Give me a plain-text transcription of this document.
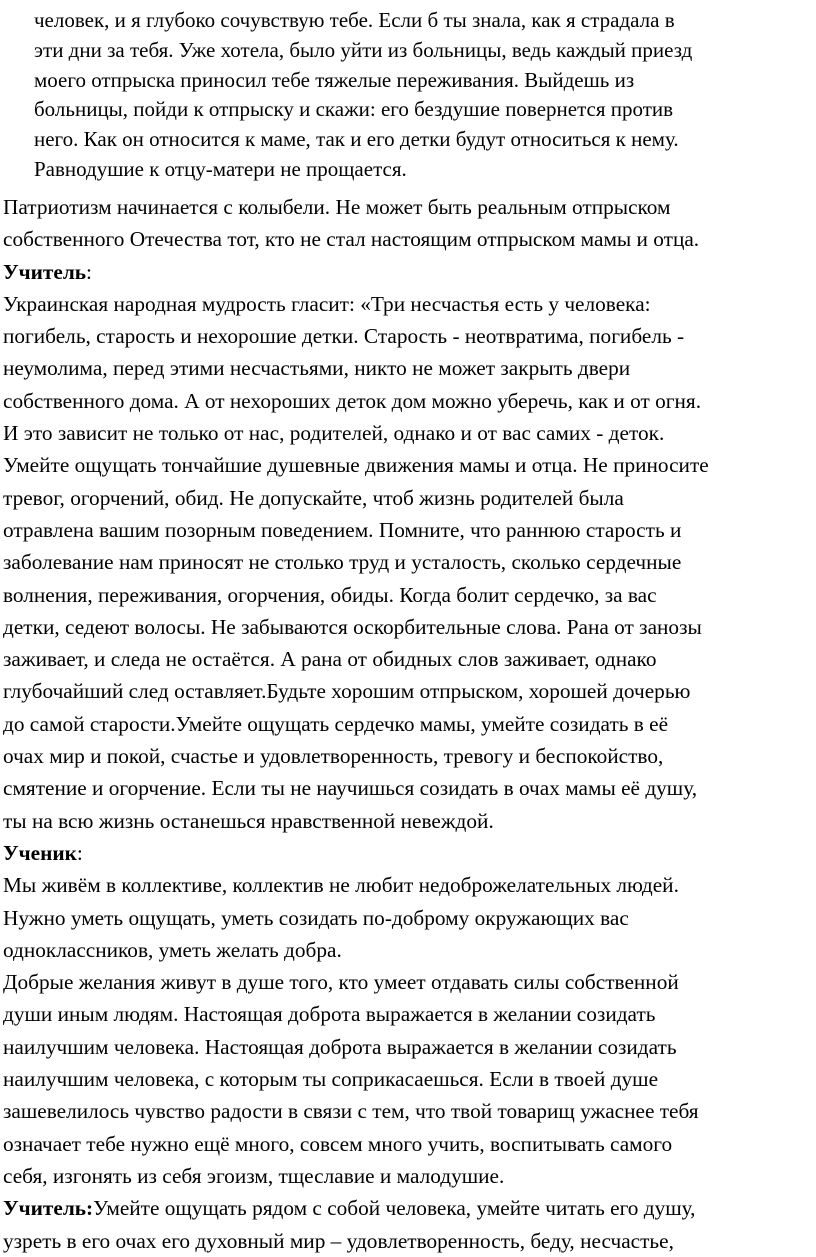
человек, и я глубоко сочувствую тебе. Если б ты знала, как я страдала в
эти дни за тебя. Уже хотела, было уйти из больницы, ведь каждый приезд
моего отпрыска приносил тебе тяжелые переживания. Выйдешь из
больницы, пойди к отпрыску и скажи: его бездушие повернется против
него. Как он относится к маме, так и его детки будут относиться к нему.
Равнодушие к отцу-матери не прощается.
Патриотизм начинается с колыбели. Не может быть реальным отпрыском
собственного Отечества тот, кто не стал настоящим отпрыском мамы и отца.
Учитель:
Украинская народная мудрость гласит: «Три несчастья есть у человека:
погибель, старость и нехорошие детки. Старость - неотвратима, погибель -
неумолима, перед этими несчастьями, никто не может закрыть двери
собственного дома. А от нехороших деток дом можно уберечь, как и от огня.
И это зависит не только от нас, родителей, однако и от вас самих - деток.
Умейте ощущать тончайшие душевные движения мамы и отца. Не приносите
тревог, огорчений, обид. Не допускайте, чтоб жизнь родителей была
отравлена вашим позорным поведением. Помните, что раннюю старость и
заболевание нам приносят не столько труд и усталость, сколько сердечные
волнения, переживания, огорчения, обиды. Когда болит сердечко, за вас
детки, седеют волосы. Не забываются оскорбительные слова. Рана от занозы
заживает, и следа не остаётся. А рана от обидных слов заживает, однако
глубочайший след оставляет.Будьте хорошим отпрыском, хорошей дочерью
до самой старости.Умейте ощущать сердечко мамы, умейте созидать в её
очах мир и покой, счастье и удовлетворенность, тревогу и беспокойство,
смятение и огорчение. Если ты не научишься созидать в очах мамы её душу,
ты на всю жизнь останешься нравственной невеждой.
Ученик:
Мы живём в коллективе, коллектив не любит недоброжелательных людей.
Нужно уметь ощущать, уметь созидать по-доброму окружающих вас
одноклассников, уметь желать добра.
Добрые желания живут в душе того, кто умеет отдавать силы собственной
души иным людям. Настоящая доброта выражается в желании созидать
наилучшим человека. Настоящая доброта выражается в желании созидать
наилучшим человека, с которым ты соприкасаешься. Если в твоей душе
зашевелилось чувство радости в связи с тем, что твой товарищ ужаснее тебя
означает тебе нужно ещё много, совсем много учить, воспитывать самого
себя, изгонять из себя эгоизм, тщеславие и малодушие.
Учитель:Умейте ощущать рядом с собой человека, умейте читать его душу,
узреть в его очах его духовный мир – удовлетворенность, беду, несчастье,
